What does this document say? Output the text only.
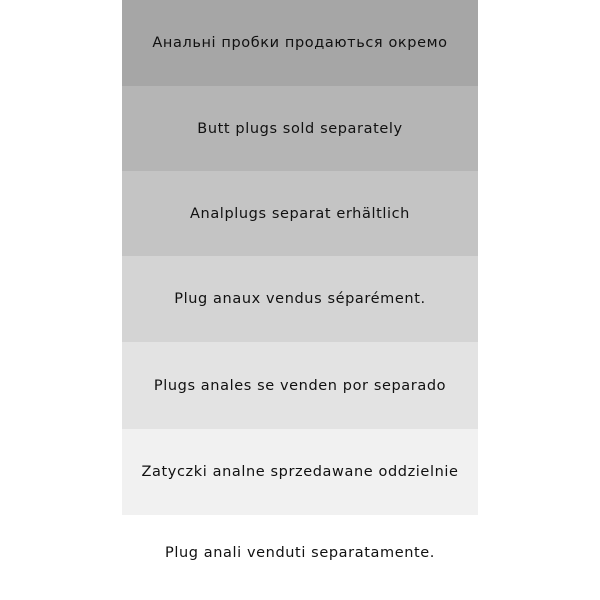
Анальні пробки продаються окремо
Butt plugs sold separately
Analplugs separat erhältlich
Plug anaux vendus séparément.
Plugs anales se venden por separado
Zatyczki analne sprzedawane oddzielnie
Plug anali venduti separatamente.
